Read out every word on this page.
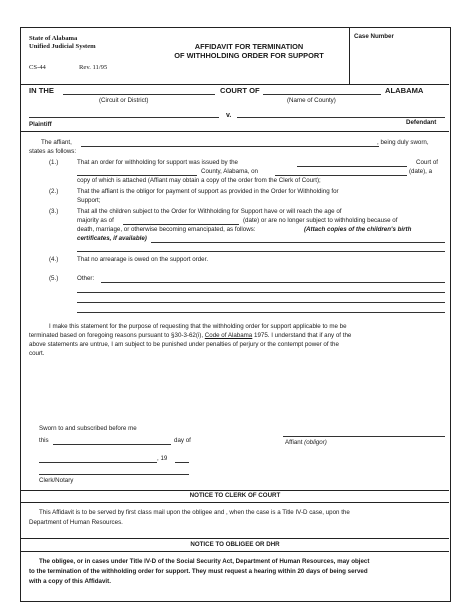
State of Alabama
Unified Judicial System
CS-44	Rev. 11/95
AFFIDAVIT FOR TERMINATION
OF WITHHOLDING ORDER FOR SUPPORT
Case Number
IN THE	COURT OF	ALABAMA
(Circuit or District)	(Name of County)
v.
Plaintiff	Defendant
The affiant,	, being duly sworn,
states as follows:
(1.)	That an order for withholding for support was issued by the	Court of
County, Alabama, on	(date), a
copy of which is attached (Affiant may obtain a copy of the order from the Clerk of Court);
(2.)	That the affiant is the obligor for payment of support as provided in the Order for Withholding for
Support;
(3.)	That all the children subject to the Order for Withholding for Support have or will reach the age of
majority as of	(date) or are no longer subject to withholding because of
death, marriage, or otherwise becoming emancipated, as follows:	(Attach copies of the children's birth
certificates, if available)
(4.)	That no arrearage is owed on the support order.
(5.)	Other:
I make this statement for the purpose of requesting that the withholding order for support applicable to me be
terminated based on foregoing reasons pursuant to §30-3-62(i), Code of Alabama 1975. I understand that if any of the
above statements are untrue, I am subject to be punished under penalties of perjury or the contempt power of the
court.
Sworn to and subscribed before me
this	day of
, 19
Clerk/Notary
Affiant (obligor)
NOTICE TO CLERK OF COURT
This Affidavit is to be served by first class mail upon the obligee and , when the case is a Title IV-D case, upon the
Department of Human Resources.
NOTICE TO OBLIGEE OR DHR
The obligee, or in cases under Title IV-D of the Social Security Act, Department of Human Resources, may object
to the termination of the withholding order for support. They must request a hearing within 20 days of being served
with a copy of this Affidavit.
